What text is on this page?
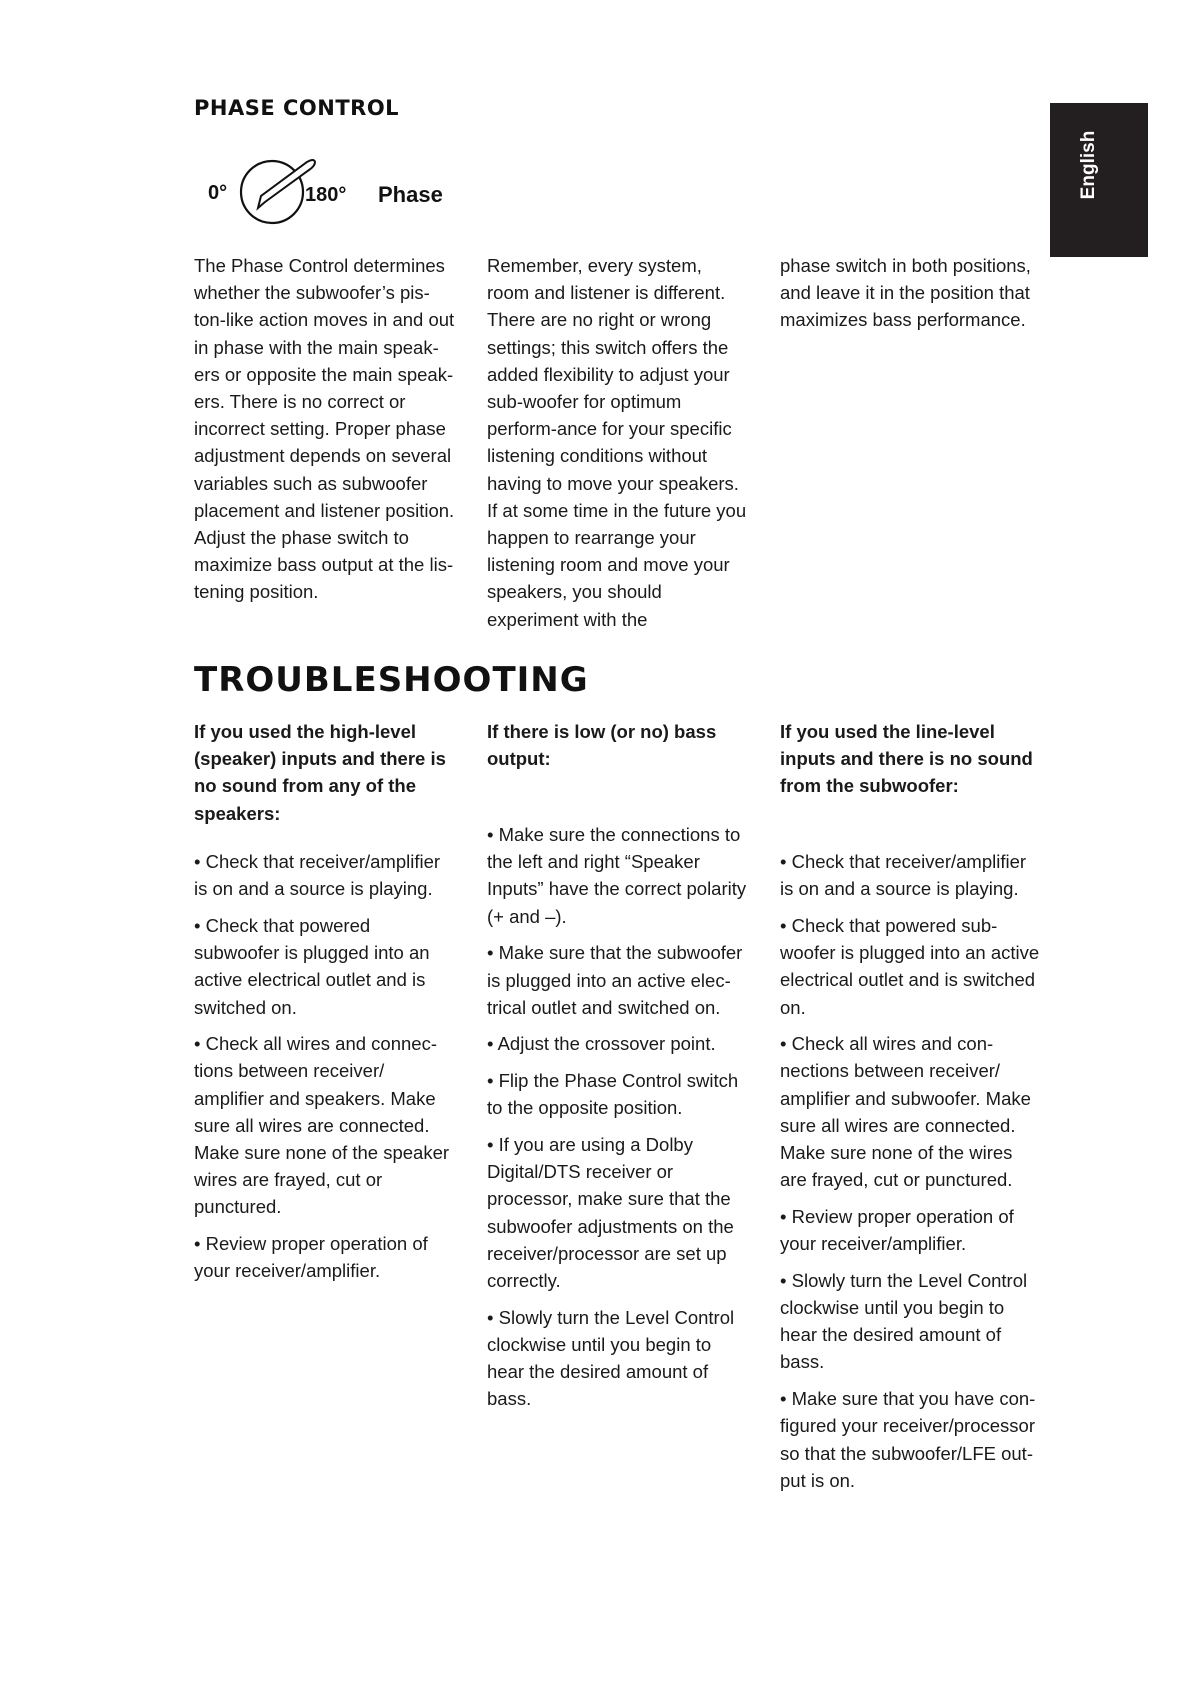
English
PHASE CONTROL
0°	180° Phase

The Phase Control determines whether the subwoofer’s pis-ton-like action moves in and out in phase with the main speak-ers or opposite the main speak-ers. There is no correct or incorrect setting. Proper phase adjustment depends on several variables such as subwoofer placement and listener position. Adjust the phase switch to maximize bass output at the lis-tening position.

Remember, every system, room and listener is different. There are no right or wrong settings; this switch offers the added flexibility to adjust your sub-woofer for optimum perform-ance for your specific listening conditions without having to move your speakers. If at some time in the future you happen to rearrange your listening room and move your speakers, you should experiment with the

phase switch in both positions, and leave it in the position that maximizes bass performance.

TROUBLESHOOTING
If you used the high-level (speaker) inputs and there is no sound from any of the speakers:
If there is low (or no) bass output:
If you used the line-level inputs and there is no sound from the subwoofer:

• Check that receiver/amplifier is on and a source is playing.

• Check that powered subwoofer is plugged into an active electrical outlet and is switched on.

• Check all wires and connec-tions between receiver/ amplifier and speakers. Make sure all wires are connected. Make sure none of the speaker wires are frayed, cut or punctured.

• Review proper operation of your receiver/amplifier.

• Make sure the connections to the left and right “Speaker Inputs” have the correct polarity (+ and –).

• Make sure that the subwoofer is plugged into an active elec-trical outlet and switched on.

• Adjust the crossover point.

• Flip the Phase Control switch to the opposite position.

• If you are using a Dolby Digital/DTS receiver or processor, make sure that the subwoofer adjustments on the receiver/processor are set up correctly.

• Slowly turn the Level Control clockwise until you begin to hear the desired amount of bass.

• Check that receiver/amplifier is on and a source is playing.

• Check that powered sub-woofer is plugged into an active electrical outlet and is switched on.

• Check all wires and con-nections between receiver/ amplifier and subwoofer. Make sure all wires are connected. Make sure none of the wires are frayed, cut or punctured.

• Review proper operation of your receiver/amplifier.

• Slowly turn the Level Control clockwise until you begin to hear the desired amount of bass.

• Make sure that you have con-figured your receiver/processor so that the subwoofer/LFE out-put is on.
